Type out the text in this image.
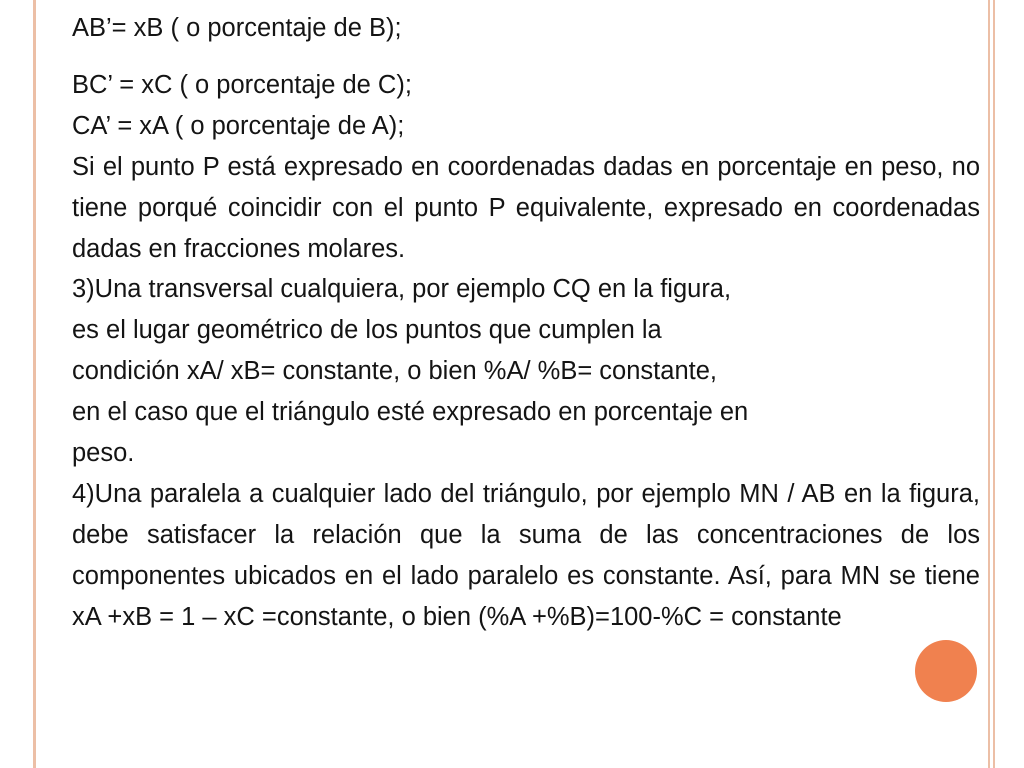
AB’= xB ( o porcentaje de B);

BC’ = xC ( o porcentaje de C);

CA’ = xA ( o porcentaje de A);

Si el punto P está expresado en coordenadas dadas en porcentaje en peso, no tiene porqué coincidir con el punto P equivalente, expresado en coordenadas dadas en fracciones molares.

3)Una transversal cualquiera, por ejemplo CQ en la figura,

es el lugar geométrico de los puntos que cumplen la

condición xA/ xB= constante, o bien %A/ %B= constante,

en el caso que el triángulo esté expresado en porcentaje en

peso.

4)Una paralela a cualquier lado del triángulo, por ejemplo MN / AB en la figura, debe satisfacer la relación que la suma de las concentraciones de los componentes ubicados en el lado paralelo es constante. Así, para MN se tiene xA +xB = 1 – xC =constante, o bien (%A +%B)=100-%C = constante
